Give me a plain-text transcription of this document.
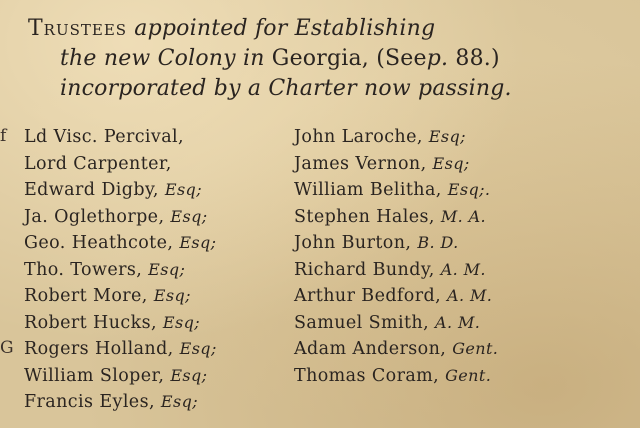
Trustees appointed for Establishing
the new Colony in Georgia, (Seep. 88.)
incorporated by a Charter now passing.
f
G
Ld Visc. Percival,
Lord Carpenter,
Edward Digby, Esq;
Ja. Oglethorpe, Esq;
Geo. Heathcote, Esq;
Tho. Towers, Esq;
Robert More, Esq;
Robert Hucks, Esq;
Rogers Holland, Esq;
William Sloper, Esq;
Francis Eyles, Esq;
John Laroche, Esq;
James Vernon, Esq;
William Belitha, Esq;.
Stephen Hales, M. A.
John Burton, B. D.
Richard Bundy, A. M.
Arthur Bedford, A. M.
Samuel Smith, A. M.
Adam Anderson, Gent.
Thomas Coram, Gent.
